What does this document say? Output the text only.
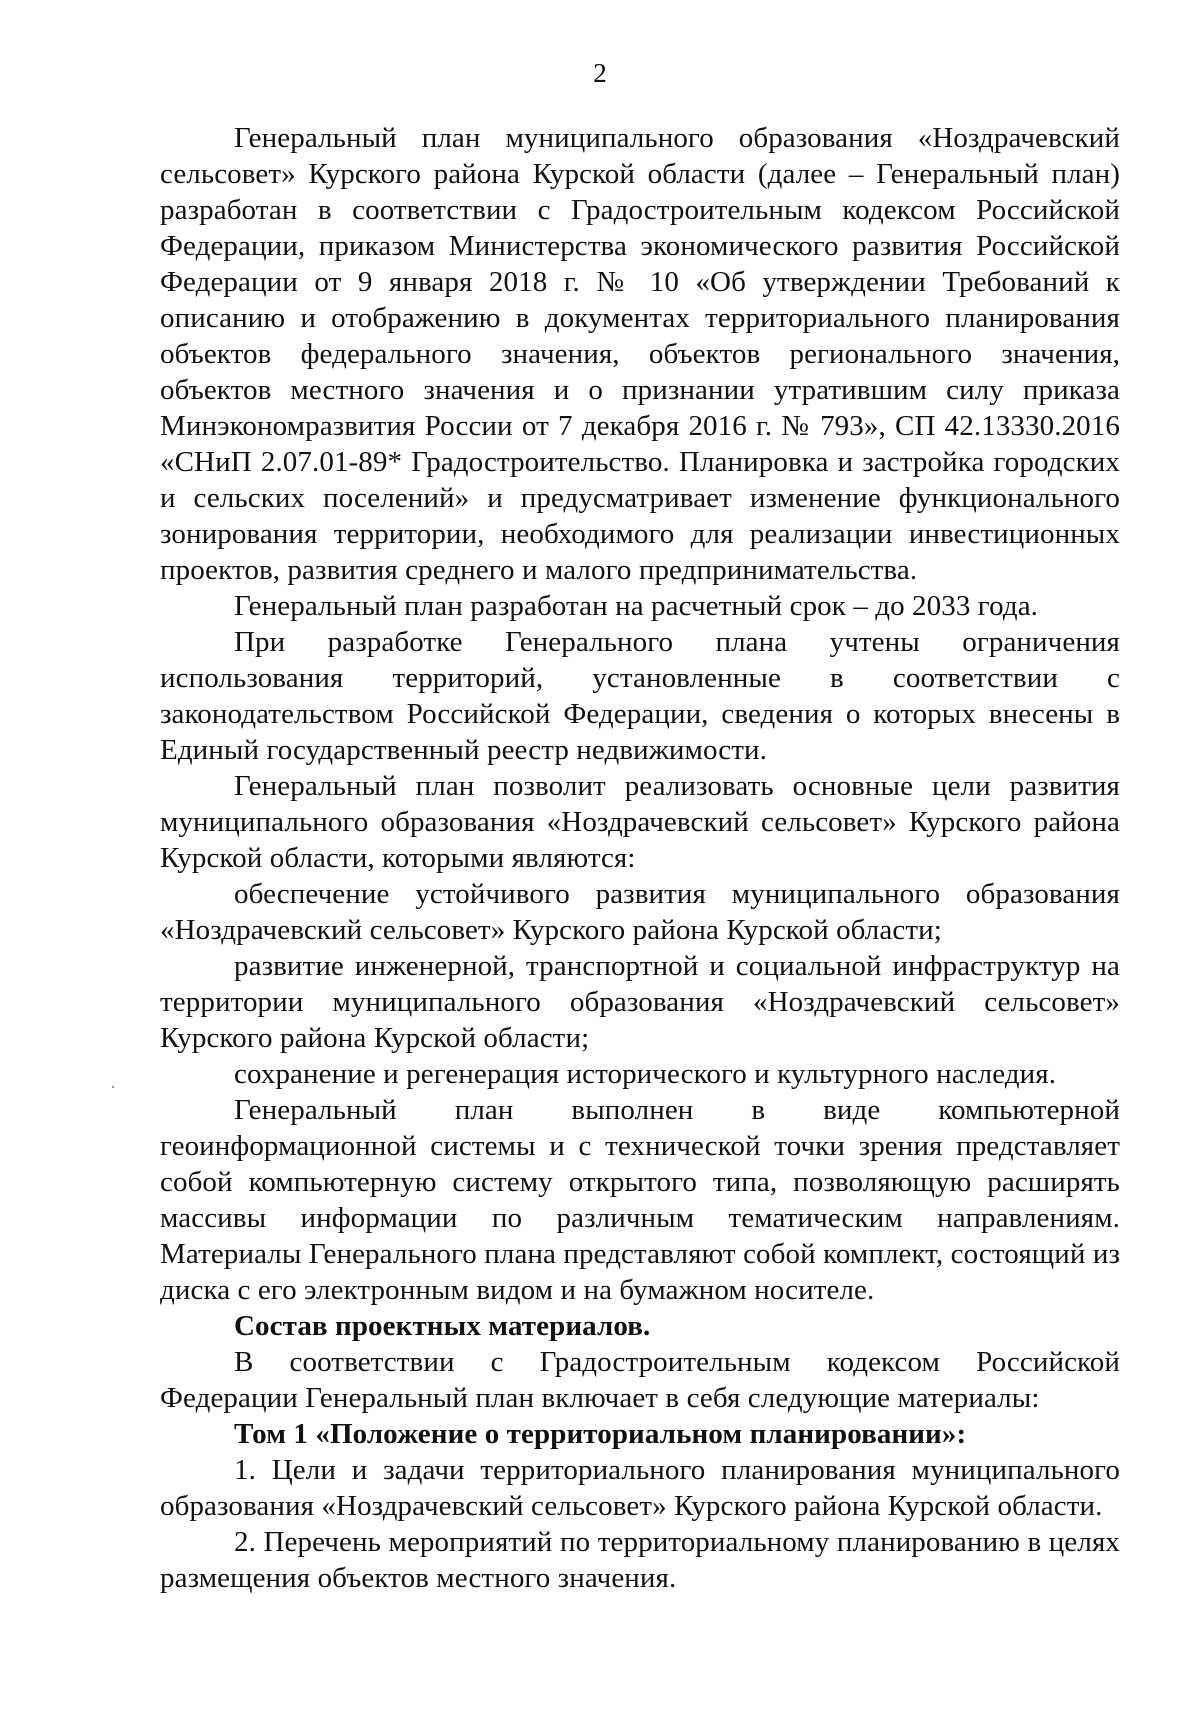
2

Генеральный план муниципального образования «Ноздрачевский сельсовет» Курского района Курской области (далее – Генеральный план) разработан в соответствии с Градостроительным кодексом Российской Федерации, приказом Министерства экономического развития Российской Федерации от 9 января 2018 г. № 10 «Об утверждении Требований к описанию и отображению в документах территориального планирования объектов федерального значения, объектов регионального значения, объектов местного значения и о признании утратившим силу приказа Минэкономразвития России от 7 декабря 2016 г. № 793», СП 42.13330.2016 «СНиП 2.07.01-89* Градостроительство. Планировка и застройка городских и сельских поселений» и предусматривает изменение функционального зонирования территории, необходимого для реализации инвестиционных проектов, развития среднего и малого предпринимательства.

Генеральный план разработан на расчетный срок – до 2033 года.

При разработке Генерального плана учтены ограничения использования территорий, установленные в соответствии с законодательством Российской Федерации, сведения о которых внесены в Единый государственный реестр недвижимости.

Генеральный план позволит реализовать основные цели развития муниципального образования «Ноздрачевский сельсовет» Курского района Курской области, которыми являются:

обеспечение устойчивого развития муниципального образования «Ноздрачевский сельсовет» Курского района Курской области;

развитие инженерной, транспортной и социальной инфраструктур на территории муниципального образования «Ноздрачевский сельсовет» Курского района Курской области;

сохранение и регенерация исторического и культурного наследия.

Генеральный план выполнен в виде компьютерной геоинформационной системы и с технической точки зрения представляет собой компьютерную систему открытого типа, позволяющую расширять массивы информации по различным тематическим направлениям. Материалы Генерального плана представляют собой комплект, состоящий из диска с его электронным видом и на бумажном носителе.

Состав проектных материалов.

В соответствии с Градостроительным кодексом Российской Федерации Генеральный план включает в себя следующие материалы:

Том 1 «Положение о территориальном планировании»:

1. Цели и задачи территориального планирования муниципального образования «Ноздрачевский сельсовет» Курского района Курской области.

2. Перечень мероприятий по территориальному планированию в целях размещения объектов местного значения.
